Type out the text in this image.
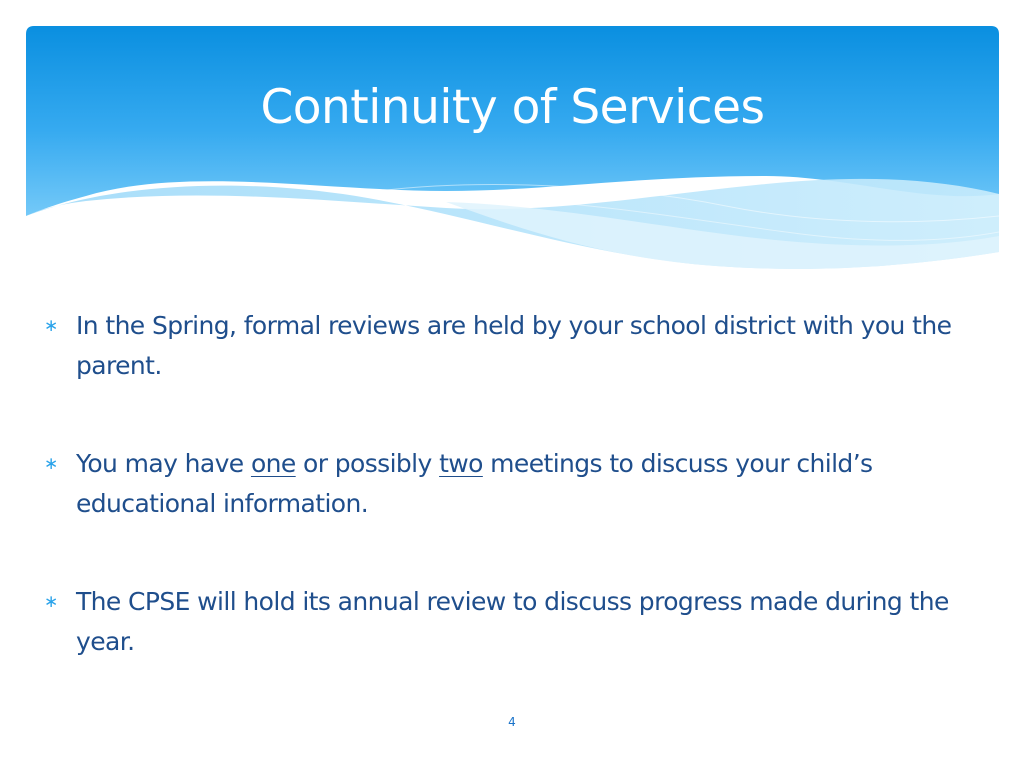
Continuity of Services
∗ In the Spring, formal reviews are held by your school district with you the parent.
∗ You may have one or possibly two meetings to discuss your child’s educational information.
∗ The CPSE will hold its annual review to discuss progress made during the year.
4
